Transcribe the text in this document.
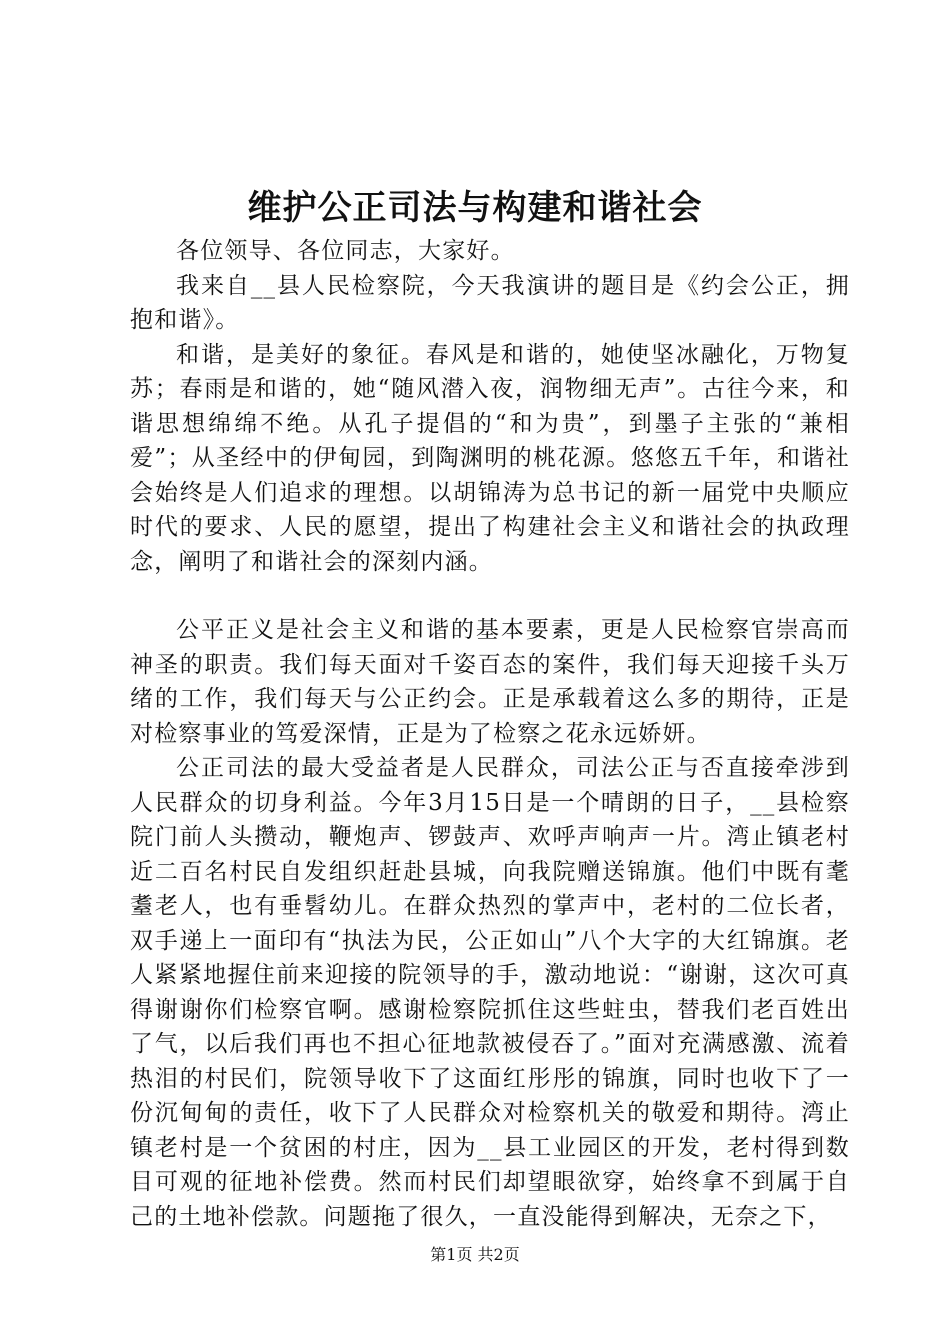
维护公正司法与构建和谐社会

各位领导、各位同志，大家好。

我来自__县人民检察院，今天我演讲的题目是《约会公正，拥抱和谐》。

和谐，是美好的象征。春风是和谐的，她使坚冰融化，万物复苏；春雨是和谐的，她“随风潜入夜，润物细无声”。古往今来，和谐思想绵绵不绝。从孔子提倡的“和为贵”，到墨子主张的“兼相爱”；从圣经中的伊甸园，到陶渊明的桃花源。悠悠五千年，和谐社会始终是人们追求的理想。以胡锦涛为总书记的新一届党中央顺应时代的要求、人民的愿望，提出了构建社会主义和谐社会的执政理念，阐明了和谐社会的深刻内涵。

公平正义是社会主义和谐的基本要素，更是人民检察官崇高而神圣的职责。我们每天面对千姿百态的案件，我们每天迎接千头万绪的工作，我们每天与公正约会。正是承载着这么多的期待，正是对检察事业的笃爱深情，正是为了检察之花永远娇妍。

公正司法的最大受益者是人民群众，司法公正与否直接牵涉到人民群众的切身利益。今年3月15日是一个晴朗的日子，__县检察院门前人头攒动，鞭炮声、锣鼓声、欢呼声响声一片。湾止镇老村近二百名村民自发组织赶赴县城，向我院赠送锦旗。他们中既有耄耋老人，也有垂髫幼儿。在群众热烈的掌声中，老村的二位长者，双手递上一面印有“执法为民，公正如山”八个大字的大红锦旗。老人紧紧地握住前来迎接的院领导的手，激动地说：“谢谢，这次可真得谢谢你们检察官啊。感谢检察院抓住这些蛀虫，替我们老百姓出了气，以后我们再也不担心征地款被侵吞了。”面对充满感激、流着热泪的村民们，院领导收下了这面红彤彤的锦旗，同时也收下了一份沉甸甸的责任，收下了人民群众对检察机关的敬爱和期待。湾止镇老村是一个贫困的村庄，因为__县工业园区的开发，老村得到数目可观的征地补偿费。然而村民们却望眼欲穿，始终拿不到属于自己的土地补偿款。问题拖了很久，一直没能得到解决，无奈之下，

第1页 共2页
